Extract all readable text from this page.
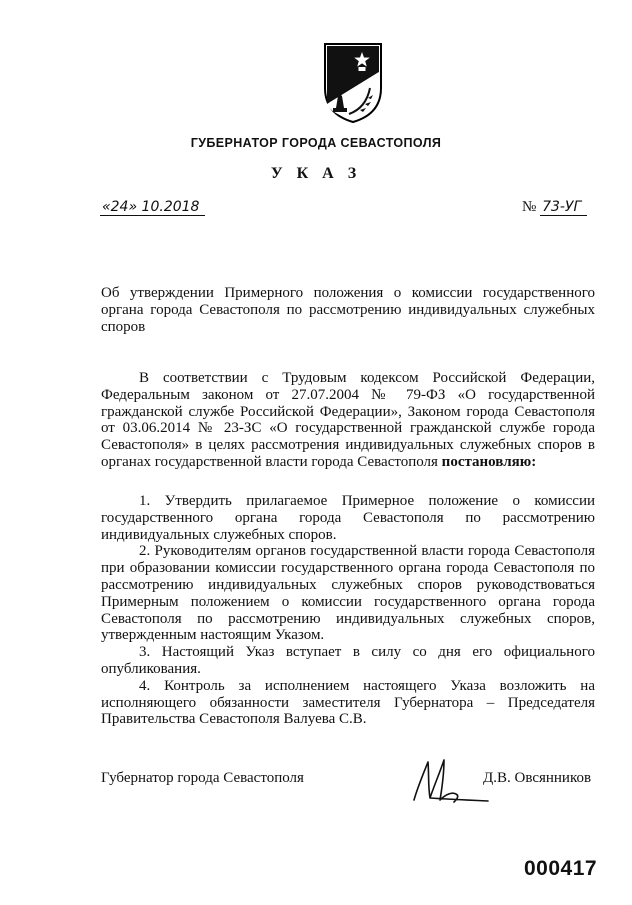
ГУБЕРНАТОР ГОРОДА СЕВАСТОПОЛЯ
У К А З
«24» 10.2018	№ 73-УГ
Об утверждении Примерного положения о комиссии государственного органа города Севастополя по рассмотрению индивидуальных служебных споров

В соответствии с Трудовым кодексом Российской Федерации, Федеральным законом от 27.07.2004 № 79-ФЗ «О государственной гражданской службе Российской Федерации», Законом города Севастополя от 03.06.2014 № 23-ЗС «О государственной гражданской службе города Севастополя» в целях рассмотрения индивидуальных служебных споров в органах государственной власти города Севастополя постановляю:

1. Утвердить прилагаемое Примерное положение о комиссии государственного органа города Севастополя по рассмотрению индивидуальных служебных споров.

2. Руководителям органов государственной власти города Севастополя при образовании комиссии государственного органа города Севастополя по рассмотрению индивидуальных служебных споров руководствоваться Примерным положением о комиссии государственного органа города Севастополя по рассмотрению индивидуальных служебных споров, утвержденным настоящим Указом.

3. Настоящий Указ вступает в силу со дня его официального опубликования.

4. Контроль за исполнением настоящего Указа возложить на исполняющего обязанности заместителя Губернатора – Председателя Правительства Севастополя Валуева С.В.

Губернатор города Севастополя	Д.В. Овсянников
000417
